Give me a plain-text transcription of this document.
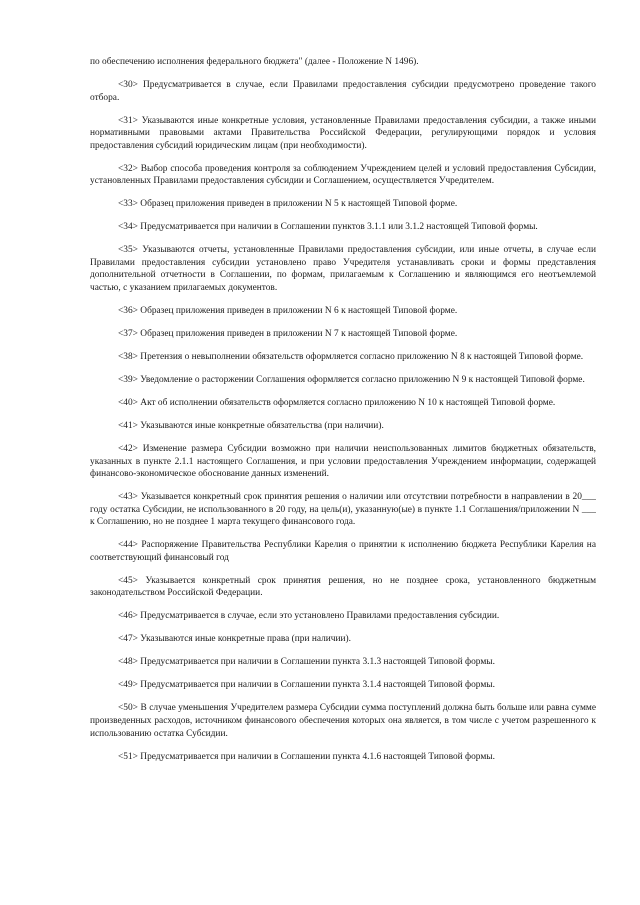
по обеспечению исполнения федерального бюджета" (далее - Положение N 1496).

<30> Предусматривается в случае, если Правилами предоставления субсидии предусмотрено проведение такого отбора.

<31> Указываются иные конкретные условия, установленные Правилами предоставления субсидии, а также иными нормативными правовыми актами Правительства Российской Федерации, регулирующими порядок и условия предоставления субсидий юридическим лицам (при необходимости).

<32> Выбор способа проведения контроля за соблюдением Учреждением целей и условий предоставления Субсидии, установленных Правилами предоставления субсидии и Соглашением, осуществляется Учредителем.

<33> Образец приложения приведен в приложении N 5 к настоящей Типовой форме.

<34> Предусматривается при наличии в Соглашении пунктов 3.1.1 или 3.1.2 настоящей Типовой формы.

<35> Указываются отчеты, установленные Правилами предоставления субсидии, или иные отчеты, в случае если Правилами предоставления субсидии установлено право Учредителя устанавливать сроки и формы представления дополнительной отчетности в Соглашении, по формам, прилагаемым к Соглашению и являющимся его неотъемлемой частью, с указанием прилагаемых документов.

<36> Образец приложения приведен в приложении N 6 к настоящей Типовой форме.

<37> Образец приложения приведен в приложении N 7 к настоящей Типовой форме.

<38> Претензия о невыполнении обязательств оформляется согласно приложению N 8 к настоящей Типовой форме.

<39> Уведомление о расторжении Соглашения оформляется согласно приложению N 9 к настоящей Типовой форме.

<40> Акт об исполнении обязательств оформляется согласно приложению N 10 к настоящей Типовой форме.

<41> Указываются иные конкретные обязательства (при наличии).

<42> Изменение размера Субсидии возможно при наличии неиспользованных лимитов бюджетных обязательств, указанных в пункте 2.1.1 настоящего Соглашения, и при условии предоставления Учреждением информации, содержащей финансово-экономическое обоснование данных изменений.

<43> Указывается конкретный срок принятия решения о наличии или отсутствии потребности в направлении в 20___ году остатка Субсидии, не использованного в 20 году, на цель(и), указанную(ые) в пункте 1.1 Соглашения/приложении N ___ к Соглашению, но не позднее 1 марта текущего финансового года.

<44> Распоряжение Правительства Республики Карелия о принятии к исполнению бюджета Республики Карелия на соответствующий финансовый год

<45> Указывается конкретный срок принятия решения, но не позднее срока, установленного бюджетным законодательством Российской Федерации.

<46> Предусматривается в случае, если это установлено Правилами предоставления субсидии.

<47> Указываются иные конкретные права (при наличии).

<48> Предусматривается при наличии в Соглашении пункта 3.1.3 настоящей Типовой формы.

<49> Предусматривается при наличии в Соглашении пункта 3.1.4 настоящей Типовой формы.

<50> В случае уменьшения Учредителем размера Субсидии сумма поступлений должна быть больше или равна сумме произведенных расходов, источником финансового обеспечения которых она является, в том числе с учетом разрешенного к использованию остатка Субсидии.

<51> Предусматривается при наличии в Соглашении пункта 4.1.6 настоящей Типовой формы.
